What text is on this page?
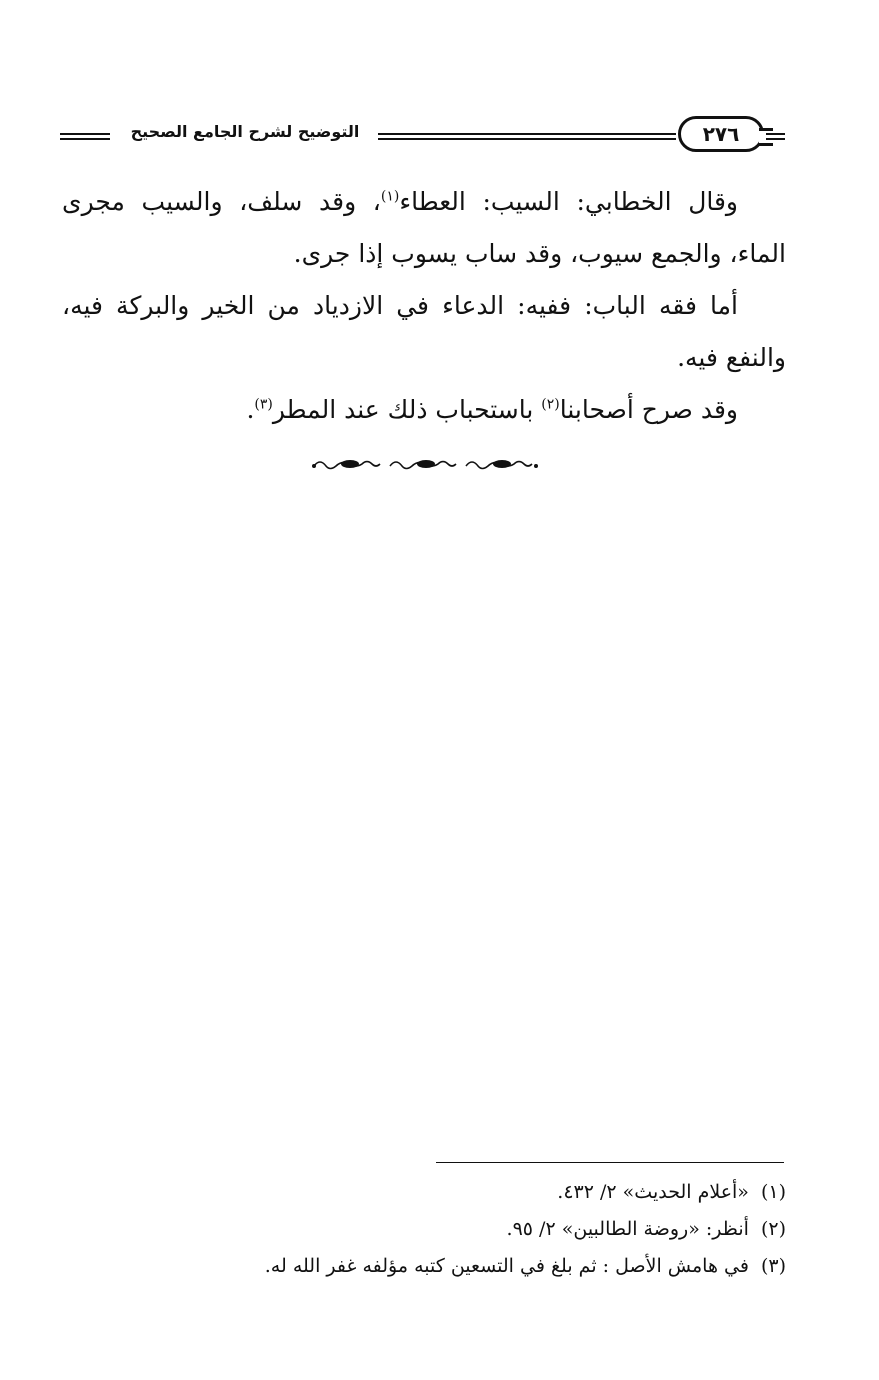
التوضيح لشرح الجامع الصحيح	٢٧٦

وقال الخطابي: السيب: العطاء$^{(١)}$، وقد سلف، والسيب مجرى الماء، والجمع سيوب، وقد ساب يسوب إذا جرى.

أما فقه الباب: ففيه: الدعاء في الازدياد من الخير والبركة فيه، والنفع فيه.

وقد صرح أصحابنا$^{(٢)}$ باستحباب ذلك عند المطر$^{(٣)}$.

(١)«أعلام الحديث» ٢/ ٤٣٢.
(٢)أنظر: «روضة الطالبين» ٢/ ٩٥.
(٣)في هامش الأصل : ثم بلغ في التسعين كتبه مؤلفه غفر الله له.
